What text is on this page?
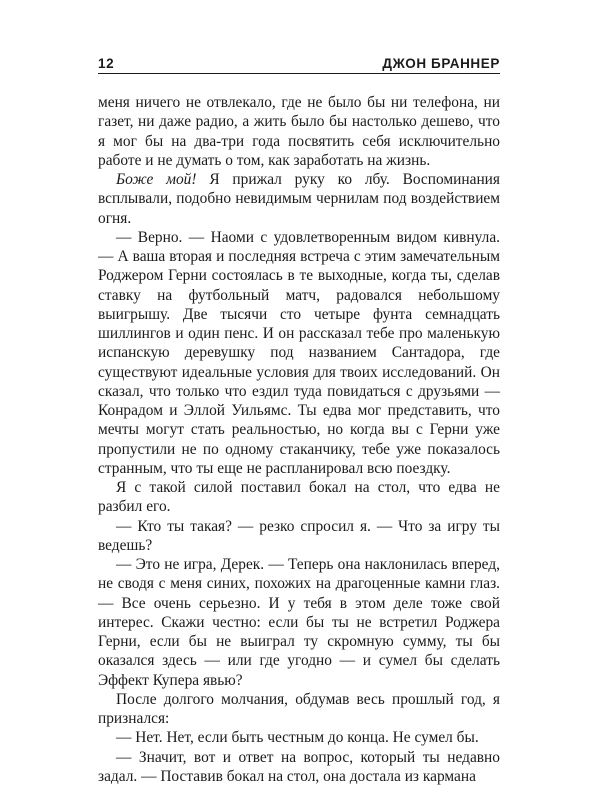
12	ДЖОН БРАННЕР

меня ничего не отвлекало, где не было бы ни телефона, ни газет, ни даже радио, а жить было бы настолько дешево, что я мог бы на два-три года посвятить себя исключительно работе и не думать о том, как заработать на жизнь.

Боже мой! Я прижал руку ко лбу. Воспоминания всплывали, подобно невидимым чернилам под воздействием огня.

— Верно. — Наоми с удовлетворенным видом кивнула. — А ваша вторая и последняя встреча с этим замечательным Роджером Герни состоялась в те выходные, когда ты, сделав ставку на футбольный матч, радовался небольшому выигрышу. Две тысячи сто четыре фунта семнадцать шиллингов и один пенс. И он рассказал тебе про маленькую испанскую деревушку под названием Сантадора, где существуют идеальные условия для твоих исследований. Он сказал, что только что ездил туда повидаться с друзьями — Конрадом и Эллой Уильямс. Ты едва мог представить, что мечты могут стать реальностью, но когда вы с Герни уже пропустили не по одному стаканчику, тебе уже показалось странным, что ты еще не распланировал всю поездку.

Я с такой силой поставил бокал на стол, что едва не разбил его.

— Кто ты такая? — резко спросил я. — Что за игру ты ведешь?

— Это не игра, Дерек. — Теперь она наклонилась вперед, не сводя с меня синих, похожих на драгоценные камни глаз. — Все очень серьезно. И у тебя в этом деле тоже свой интерес. Скажи честно: если бы ты не встретил Роджера Герни, если бы не выиграл ту скромную сумму, ты бы оказался здесь — или где угодно — и сумел бы сделать Эффект Купера явью?

После долгого молчания, обдумав весь прошлый год, я признался:

— Нет. Нет, если быть честным до конца. Не сумел бы.

— Значит, вот и ответ на вопрос, который ты недавно задал. — Поставив бокал на стол, она достала из кармана
